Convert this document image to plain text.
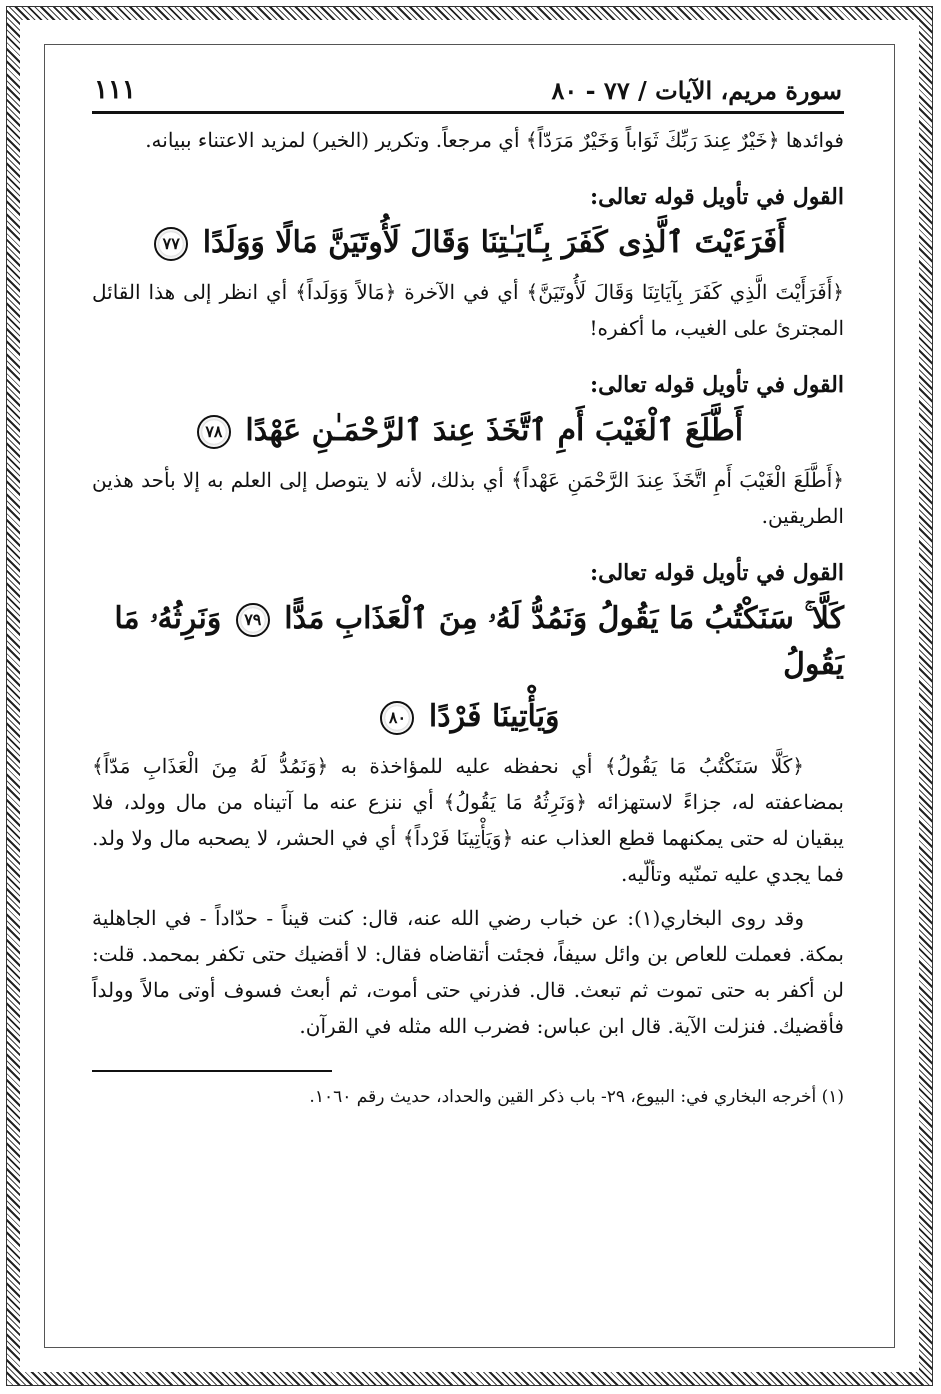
سورة مريم، الآيات / ٧٧ - ٨٠
١١١

فوائدها ﴿خَيْرٌ عِندَ رَبِّكَ ثَوَاباً وَخَيْرٌ مَرَدّاً﴾ أي مرجعاً. وتكرير (الخير) لمزيد الاعتناء ببيانه.

القول في تأويل قوله تعالى:
أَفَرَءَيْتَ ٱلَّذِى كَفَرَ بِـَٔايَـٰتِنَا وَقَالَ لَأُوتَيَنَّ مَالًا وَوَلَدًا ٧٧

﴿أَفَرَأَيْتَ الَّذِي كَفَرَ بِآيَاتِنَا وَقَالَ لَأُوتَيَنَّ﴾ أي في الآخرة ﴿مَالاً وَوَلَداً﴾ أي انظر إلى هذا القائل المجترئ على الغيب، ما أكفره!

القول في تأويل قوله تعالى:
أَطَّلَعَ ٱلْغَيْبَ أَمِ ٱتَّخَذَ عِندَ ٱلرَّحْمَـٰنِ عَهْدًا ٧٨

﴿أَطَّلَعَ الْغَيْبَ أَمِ اتَّخَذَ عِندَ الرَّحْمَنِ عَهْداً﴾ أي بذلك، لأنه لا يتوصل إلى العلم به إلا بأحد هذين الطريقين.

القول في تأويل قوله تعالى:
كَلَّا ۚ سَنَكْتُبُ مَا يَقُولُ وَنَمُدُّ لَهُۥ مِنَ ٱلْعَذَابِ مَدًّا ٧٩ وَنَرِثُهُۥ مَا يَقُولُ
وَيَأْتِينَا فَرْدًا ٨٠

﴿كَلَّا سَنَكْتُبُ مَا يَقُولُ﴾ أي نحفظه عليه للمؤاخذة به ﴿وَنَمُدُّ لَهُ مِنَ الْعَذَابِ مَدّاً﴾ بمضاعفته له، جزاءً لاستهزائه ﴿وَنَرِثُهُ مَا يَقُولُ﴾ أي ننزع عنه ما آتيناه من مال وولد، فلا يبقيان له حتى يمكنهما قطع العذاب عنه ﴿وَيَأْتِينَا فَرْداً﴾ أي في الحشر، لا يصحبه مال ولا ولد. فما يجدي عليه تمنّيه وتألّيه.

وقد روى البخاري(١): عن خباب رضي الله عنه، قال: كنت قيناً - حدّاداً - في الجاهلية بمكة. فعملت للعاص بن وائل سيفاً، فجئت أتقاضاه فقال: لا أقضيك حتى تكفر بمحمد. قلت: لن أكفر به حتى تموت ثم تبعث. قال. فذرني حتى أموت، ثم أبعث فسوف أوتى مالاً وولداً فأقضيك. فنزلت الآية. قال ابن عباس: فضرب الله مثله في القرآن.

(١) أخرجه البخاري في: البيوع، ٢٩- باب ذكر القين والحداد، حديث رقم ١٠٦٠.
